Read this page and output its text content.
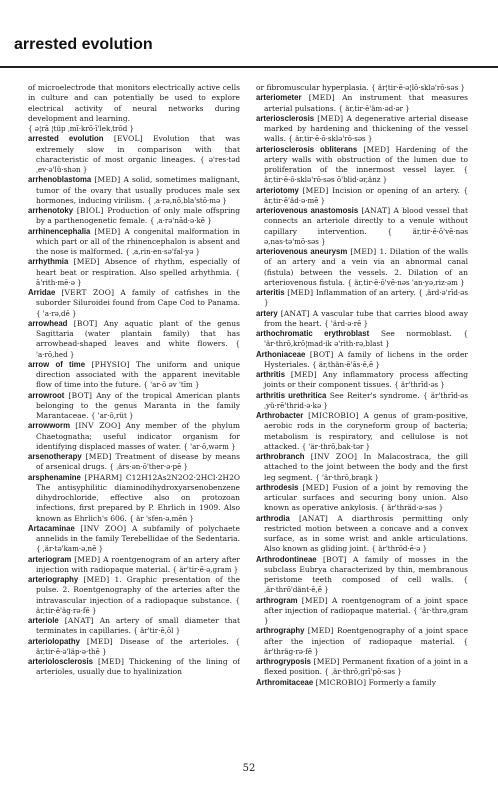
arrested evolution

of microelectrode that monitors electrically active cells in culture and can potentially be used to explore electrical activity of neural networks during development and learning.

{ ə¦rā ¦tüp ˌmī·krō·ī'lekˌtrōd }

arrested evolution [EVOL] Evolution that was extremely slow in comparison with that characteristic of most organic lineages. { ə'res·təd ˌev·ə'lü·shən }

arrhenoblastoma [MED] A solid, sometimes malignant, tumor of the ovary that usually produces male sex hormones, inducing virilism. { ˌa·rə,nō,bla'stō·mə }

arrhenotoky [BIOL] Production of only male offspring by a parthenogenetic female. { ˌa·rə'nād·ə·kē }

arrhinencephalia [MED] A congenital malformation in which part or all of the rhinencephalon is absent and the nose is malformed. { ˌa,rin·en·sə'fal·yə }

arrhythmia [MED] Absence of rhythm, especially of heart beat or respiration. Also spelled arhythmia. { ā'rith·mē·ə }

Arridae [VERT ZOO] A family of catfishes in the suborder Siluroidei found from Cape Cod to Panama. { 'a·rə,dē }

arrowhead [BOT] Any aquatic plant of the genus Sagittaria (water plantain family) that has arrowhead-shaped leaves and white flowers. { 'a·rō,hed }

arrow of time [PHYSIO] The uniform and unique direction associated with the apparent inevitable flow of time into the future. { 'ar·ō əv 'tīm }

arrowroot [BOT] Any of the tropical American plants belonging to the genus Maranta in the family Marantaceae. { 'ar·ō,rüt }

arrowworm [INV ZOO] Any member of the phylum Chaetognatha; useful indicator organism for identifying displaced masses of water. { 'ar·ō,wərm }

arsenotherapy [MED] Treatment of disease by means of arsenical drugs. { ˌärs·ən·ō'ther·ə·pē }

arsphenamine [PHARM] C12H12As2N2O2·2HCl·2H2O The antisyphilitic diaminodihydroxyarsenobenzene dihydrochloride, effective also on protozoan infections, first prepared by P. Ehrlich in 1909. Also known as Ehrlich's 606. { är 'sfen·ə,mēn }

Artacaminae [INV ZOO] A subfamily of polychaete annelids in the family Terebellidae of the Sedentaria. { ˌär·tə'kam·ə,nē }

arteriogram [MED] A roentgenogram of an artery after injection with radiopaque material. { är'tir·ē·ə,gram }

arteriography [MED] 1. Graphic presentation of the pulse. 2. Roentgenography of the arteries after the intravascular injection of a radiopaque substance. { är,tir·ē'äg·rə·fē }

arteriole [ANAT] An artery of small diameter that terminates in capillaries. { är'tir·ē,ōl }

arteriolopathy [MED] Disease of the arterioles. { är,tir·ē·ə'läp·ə·thē }

arteriolosclerosis [MED] Thickening of the lining of arterioles, usually due to hyalinization

or fibromuscular hyperplasia. { är¦tir·ē·ə¦lō·sklə'rō·səs }

arteriometer [MED] An instrument that measures arterial pulsations. { är,tir·ē'äm·əd·ər }

arteriosclerosis [MED] A degenerative arterial disease marked by hardening and thickening of the vessel walls. { är,tir·ē·ō·sklə'rō·səs }

arteriosclerosis obliterans [MED] Hardening of the artery walls with obstruction of the lumen due to proliferation of the innermost vessel layer. { är,tir·ē·ō·sklə'rō·səs ō'blid·ər,änz }

arteriotomy [MED] Incision or opening of an artery. { är,tir·ē'äd·ə·mē }

arteriovenous anastomosis [ANAT] A blood vessel that connects an arteriole directly to a venule without capillary intervention.	{ är,tir·ē·ō'vē·nəs ə,nas·tə'mō·səs }

arteriovenous aneurysm [MED] 1. Dilation of the walls of an artery and a vein via an abnormal canal (fistula) between the vessels. 2. Dilation of an arteriovenous fistula. { är,tir·ē·ō'vē·nəs 'an·yə,riz·əm }

arteritis [MED] Inflammation of an artery. { ˌärd·ə'rīd·əs }

artery [ANAT] A vascular tube that carries blood away from the heart. { 'ärd·ə·rē }

arthochromatic erythroblast See normoblast. { 'är·thrō,krō¦mad·ik ə'rith·rə,blast }

Arthoniaceae [BOT] A family of lichens in the order Hysteriales. { är,thän·ē'ās·ē,ē }

arthritis [MED] Any inflammatory process affecting joints or their component tissues. { är'thrīd·əs }

arthritis urethritica See Reiter's syndrome. { är'thrīd·əs ˌyü·rē'thrid·ə·kə }

Arthrobacter [MICROBIO] A genus of gram-positive, aerobic rods in the coryneform group of bacteria; metabolism is respiratory, and cellulose is not attacked. { 'är·thrō,bak·tər }

arthrobranch [INV ZOO] In Malacostraca, the gill attached to the joint between the body and the first leg segment. { 'är·thrō,braŋk }

arthrodesis [MED] Fusion of a joint by removing the articular surfaces and securing bony union. Also known as operative ankylosis. { är'thräd·ə·səs }

arthrodia [ANAT] A diarthrosis permitting only restricted motion between a concave and a convex surface, as in some wrist and ankle articulations. Also known as gliding joint. { är'thrōd·ē·ə }

Arthrodontineae [BOT] A family of mosses in the subclass Eubrya characterized by thin, membranous peristome teeth composed of cell walls. { ˌär·thrō'dänt·ē,ē }

arthrogram [MED] A roentgenogram of a joint space after injection of radiopaque material. { 'är·thrə,gram }

arthrography [MED] Roentgenography of a joint space after the injection of radiopaque material. { är'thräg·rə·fē }

arthrogryposis [MED] Permanent fixation of a joint in a flexed position. { ˌär·thrō,grī'pō·səs }

Arthromitaceae [MICROBIO] Formerly a family

52
